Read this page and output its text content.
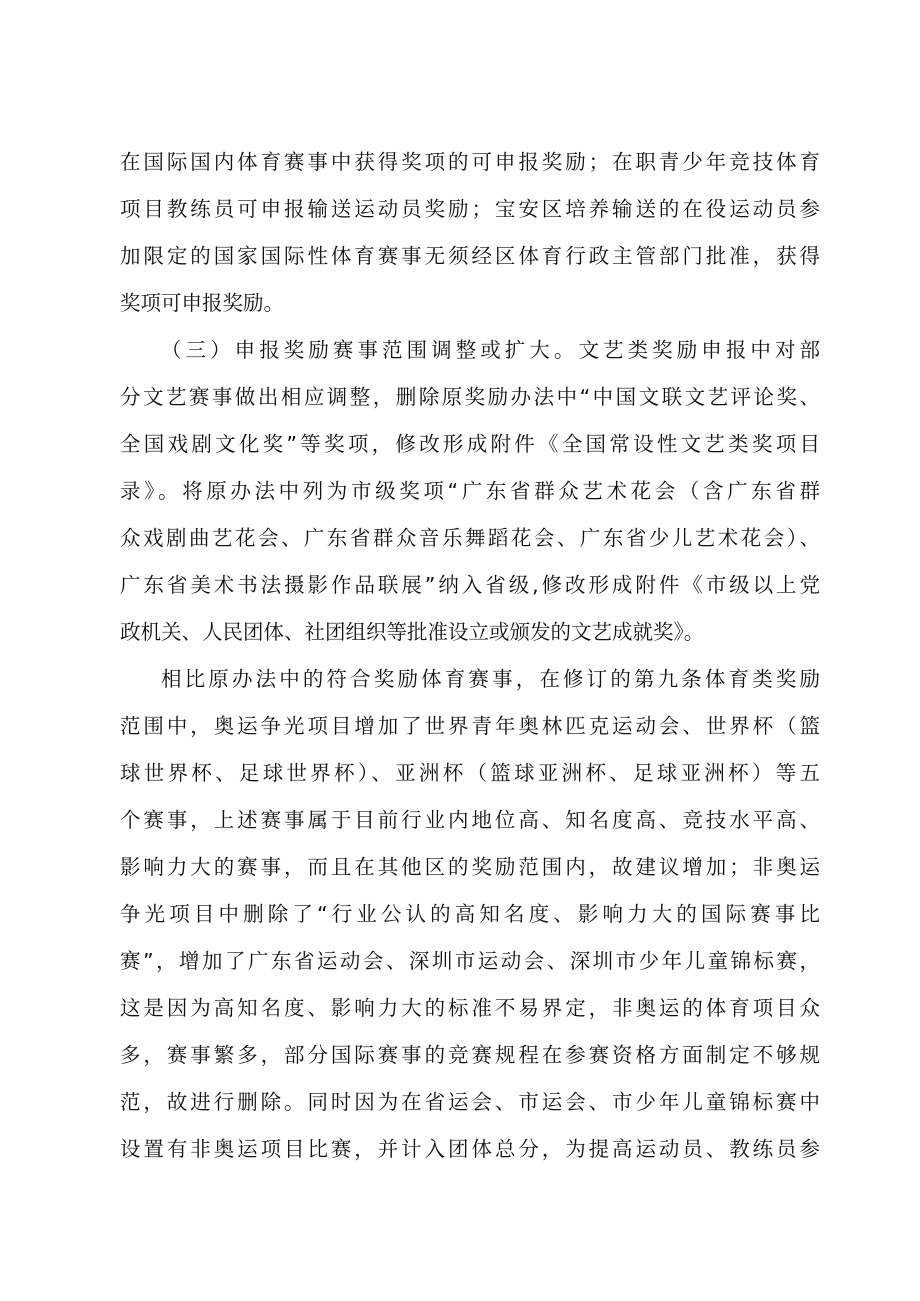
在国际国内体育赛事中获得奖项的可申报奖励；在职青少年竞技体育

项目教练员可申报输送运动员奖励；宝安区培养输送的在役运动员参

加限定的国家国际性体育赛事无须经区体育行政主管部门批准，获得

奖项可申报奖励。

（三）申报奖励赛事范围调整或扩大。文艺类奖励申报中对部

分文艺赛事做出相应调整，删除原奖励办法中“中国文联文艺评论奖、

全国戏剧文化奖”等奖项，修改形成附件《全国常设性文艺类奖项目

录》。将原办法中列为市级奖项“广东省群众艺术花会（含广东省群

众戏剧曲艺花会、广东省群众音乐舞蹈花会、广东省少儿艺术花会）、

广东省美术书法摄影作品联展”纳入省级,修改形成附件《市级以上党

政机关、人民团体、社团组织等批准设立或颁发的文艺成就奖》。

相比原办法中的符合奖励体育赛事，在修订的第九条体育类奖励

范围中，奥运争光项目增加了世界青年奥林匹克运动会、世界杯（篮

球世界杯、足球世界杯）、亚洲杯（篮球亚洲杯、足球亚洲杯）等五

个赛事，上述赛事属于目前行业内地位高、知名度高、竞技水平高、

影响力大的赛事，而且在其他区的奖励范围内，故建议增加；非奥运

争光项目中删除了“行业公认的高知名度、影响力大的国际赛事比

赛”，增加了广东省运动会、深圳市运动会、深圳市少年儿童锦标赛，

这是因为高知名度、影响力大的标准不易界定，非奥运的体育项目众

多，赛事繁多，部分国际赛事的竞赛规程在参赛资格方面制定不够规

范，故进行删除。同时因为在省运会、市运会、市少年儿童锦标赛中

设置有非奥运项目比赛，并计入团体总分，为提高运动员、教练员参
